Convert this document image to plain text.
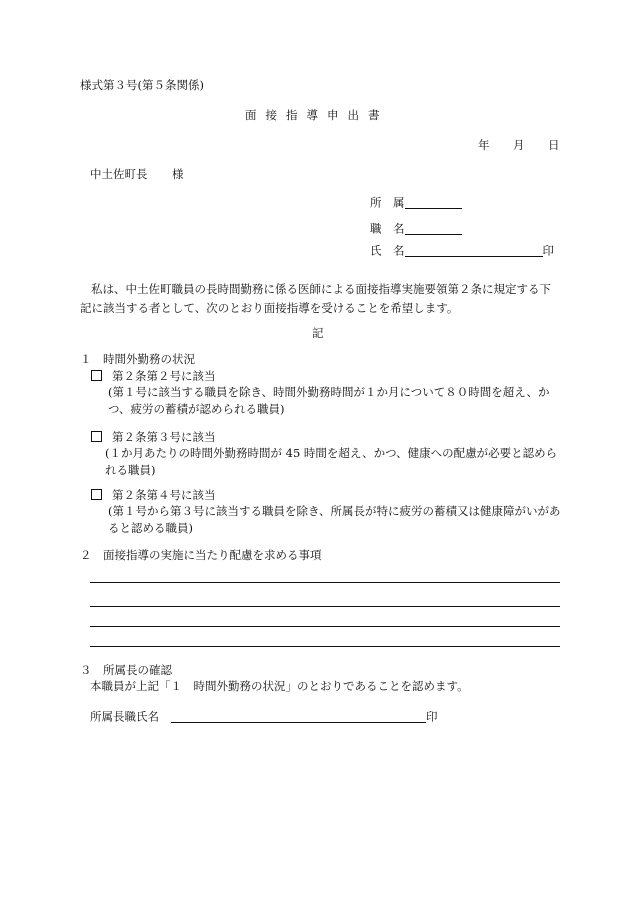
様式第３号(第５条関係)
面接指導申出書
年 月 日
中土佐町長 様
所　属
職　名
氏　名	印
私は、中土佐町職員の長時間勤務に係る医師による面接指導実施要領第２条に規定する下記に該当する者として、次のとおり面接指導を受けることを希望します。
記
１　時間外勤務の状況
第２条第２号に該当
(第１号に該当する職員を除き、時間外勤務時間が１か月について８０時間を超え、かつ、疲労の蓄積が認められる職員)
第２条第３号に該当
(１か月あたりの時間外勤務時間が 45 時間を超え、かつ、健康への配慮が必要と認められる職員)
第２条第４号に該当
(第１号から第３号に該当する職員を除き、所属長が特に疲労の蓄積又は健康障がいがあると認める職員)
２　面接指導の実施に当たり配慮を求める事項
３　所属長の確認
本職員が上記「１　時間外勤務の状況」のとおりであることを認めます。
所属長職氏名	印
